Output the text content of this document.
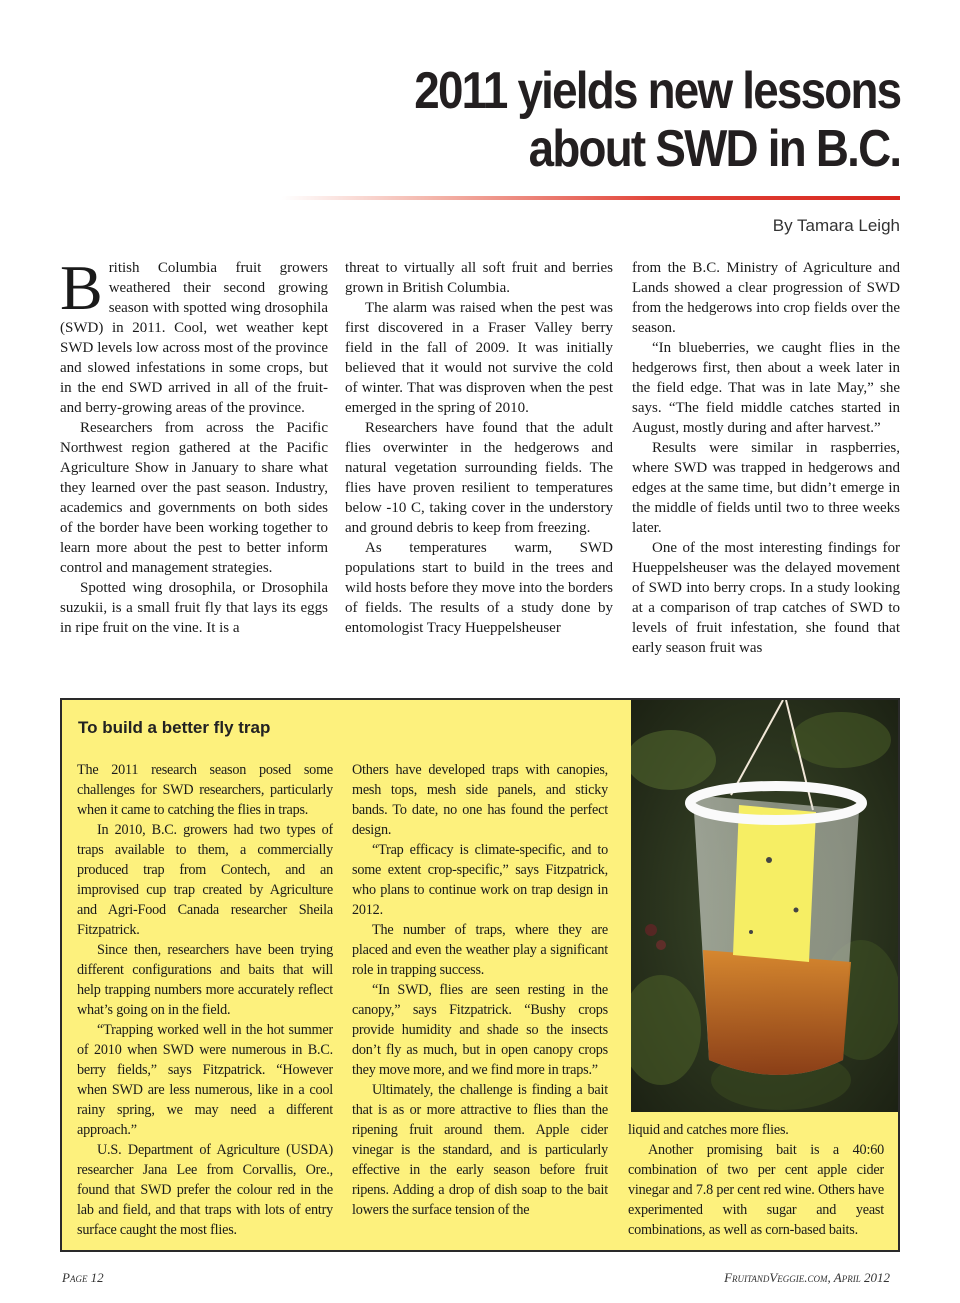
2011 yields new lessons
about SWD in B.C.
By Tamara Leigh

British Columbia fruit growers weathered their second growing season with spotted wing drosophila (SWD) in 2011. Cool, wet weather kept SWD levels low across most of the province and slowed infestations in some crops, but in the end SWD arrived in all of the fruit- and berry-growing areas of the province.

Researchers from across the Pacific Northwest region gathered at the Pacific Agriculture Show in January to share what they learned over the past season. Industry, academics and governments on both sides of the border have been working together to learn more about the pest to better inform control and management strategies.

Spotted wing drosophila, or Drosophila suzukii, is a small fruit fly that lays its eggs in ripe fruit on the vine. It is a

threat to virtually all soft fruit and berries grown in British Columbia.

The alarm was raised when the pest was first discovered in a Fraser Valley berry field in the fall of 2009. It was initially believed that it would not survive the cold of winter. That was disproven when the pest emerged in the spring of 2010.

Researchers have found that the adult flies overwinter in the hedgerows and natural vegetation surrounding fields. The flies have proven resilient to temperatures below -10 C, taking cover in the understory and ground debris to keep from freezing.

As temperatures warm, SWD populations start to build in the trees and wild hosts before they move into the borders of fields. The results of a study done by entomologist Tracy Hueppelsheuser

from the B.C. Ministry of Agriculture and Lands showed a clear progression of SWD from the hedgerows into crop fields over the season.

“In blueberries, we caught flies in the hedgerows first, then about a week later in the field edge. That was in late May,” she says. “The field middle catches started in August, mostly during and after harvest.”

Results were similar in raspberries, where SWD was trapped in hedgerows and edges at the same time, but didn’t emerge in the middle of fields until two to three weeks later.

One of the most interesting findings for Hueppelsheuser was the delayed movement of SWD into berry crops. In a study looking at a comparison of trap catches of SWD to levels of fruit infestation, she found that early season fruit was

To build a better fly trap

The 2011 research season posed some challenges for SWD researchers, particularly when it came to catching the flies in traps.

In 2010, B.C. growers had two types of traps available to them, a commercially produced trap from Contech, and an improvised cup trap created by Agriculture and Agri-Food Canada researcher Sheila Fitzpatrick.

Since then, researchers have been trying different configurations and baits that will help trapping numbers more accurately reflect what’s going on in the field.

“Trapping worked well in the hot summer of 2010 when SWD were numerous in B.C. berry fields,” says Fitzpatrick. “However when SWD are less numerous, like in a cool rainy spring, we may need a different approach.”

U.S. Department of Agriculture (USDA) researcher Jana Lee from Corvallis, Ore., found that SWD prefer the colour red in the lab and field, and that traps with lots of entry surface caught the most flies.

Others have developed traps with canopies, mesh tops, mesh side panels, and sticky bands. To date, no one has found the perfect design.

“Trap efficacy is climate-specific, and to some extent crop-specific,” says Fitzpatrick, who plans to continue work on trap design in 2012.

The number of traps, where they are placed and even the weather play a significant role in trapping success.

“In SWD, flies are seen resting in the canopy,” says Fitzpatrick. “Bushy crops provide humidity and shade so the insects don’t fly as much, but in open canopy crops they move more, and we find more in traps.”

Ultimately, the challenge is finding a bait that is as or more attractive to flies than the ripening fruit around them. Apple cider vinegar is the standard, and is particularly effective in the early season before fruit ripens. Adding a drop of dish soap to the bait lowers the surface tension of the

liquid and catches more flies.

Another promising bait is a 40:60 combination of two per cent apple cider vinegar and 7.8 per cent red wine. Others have experimented with sugar and yeast combinations, as well as corn-based baits.

Page 12	FruitandVeggie.com, April 2012
